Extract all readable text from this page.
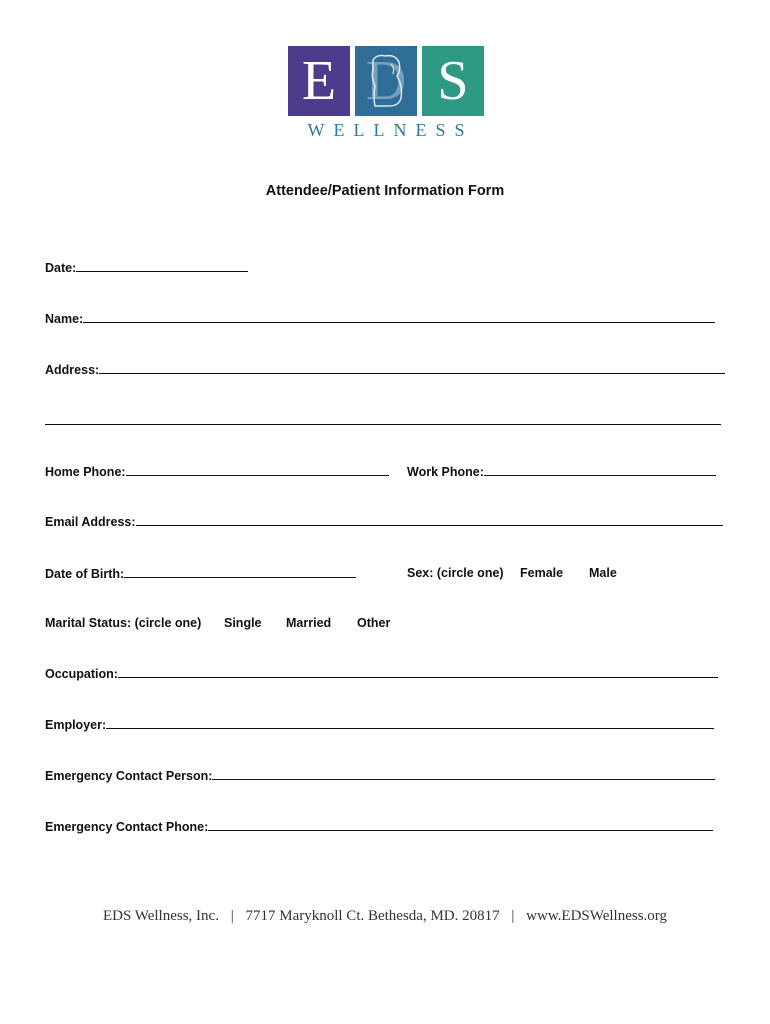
E D S
WELLNESS
Attendee/Patient Information Form
Date:
Name:
Address:
Home Phone:	Work Phone:
Email Address:
Date of Birth:	Sex: (circle one) Female Male
Marital Status: (circle one) Single Married Other
Occupation:
Employer:
Emergency Contact Person:
Emergency Contact Phone:
EDS Wellness, Inc. | 7717 Maryknoll Ct. Bethesda, MD. 20817 | www.EDSWellness.org
